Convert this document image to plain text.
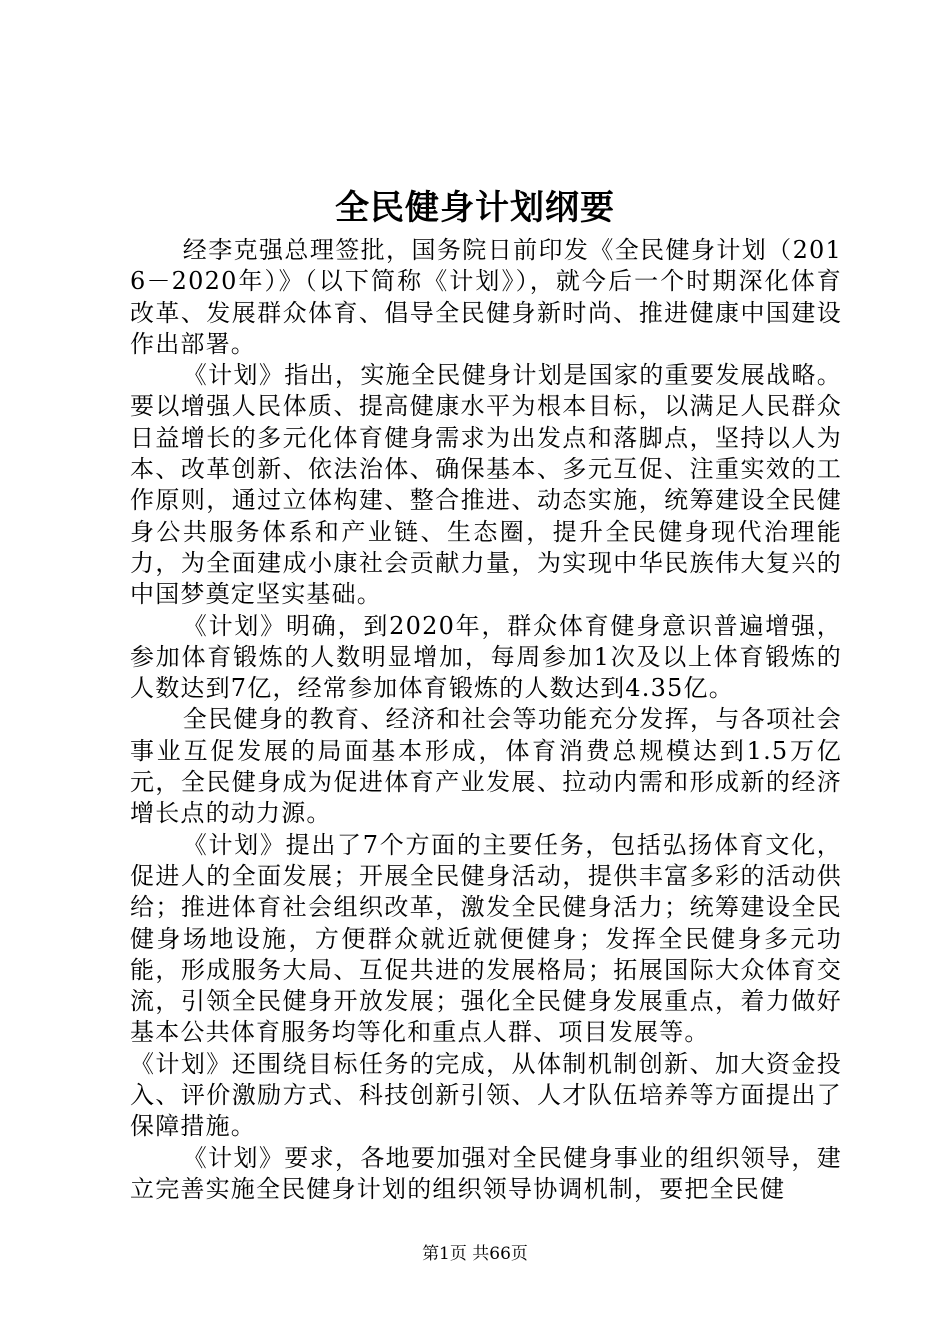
全民健身计划纲要

经李克强总理签批，国务院日前印发《全民健身计划（2016－2020年）》（以下简称《计划》），就今后一个时期深化体育改革、发展群众体育、倡导全民健身新时尚、推进健康中国建设作出部署。

《计划》指出，实施全民健身计划是国家的重要发展战略。要以增强人民体质、提高健康水平为根本目标，以满足人民群众日益增长的多元化体育健身需求为出发点和落脚点，坚持以人为本、改革创新、依法治体、确保基本、多元互促、注重实效的工作原则，通过立体构建、整合推进、动态实施，统筹建设全民健身公共服务体系和产业链、生态圈，提升全民健身现代治理能力，为全面建成小康社会贡献力量，为实现中华民族伟大复兴的中国梦奠定坚实基础。

《计划》明确，到2020年，群众体育健身意识普遍增强，参加体育锻炼的人数明显增加，每周参加1次及以上体育锻炼的人数达到7亿，经常参加体育锻炼的人数达到4.35亿。

全民健身的教育、经济和社会等功能充分发挥，与各项社会事业互促发展的局面基本形成，体育消费总规模达到1.5万亿元，全民健身成为促进体育产业发展、拉动内需和形成新的经济增长点的动力源。

《计划》提出了7个方面的主要任务，包括弘扬体育文化，促进人的全面发展；开展全民健身活动，提供丰富多彩的活动供给；推进体育社会组织改革，激发全民健身活力；统筹建设全民健身场地设施，方便群众就近就便健身；发挥全民健身多元功能，形成服务大局、互促共进的发展格局；拓展国际大众体育交流，引领全民健身开放发展；强化全民健身发展重点，着力做好基本公共体育服务均等化和重点人群、项目发展等。

《计划》还围绕目标任务的完成，从体制机制创新、加大资金投入、评价激励方式、科技创新引领、人才队伍培养等方面提出了保障措施。

《计划》要求，各地要加强对全民健身事业的组织领导，建立完善实施全民健身计划的组织领导协调机制，要把全民健

第1页 共66页
